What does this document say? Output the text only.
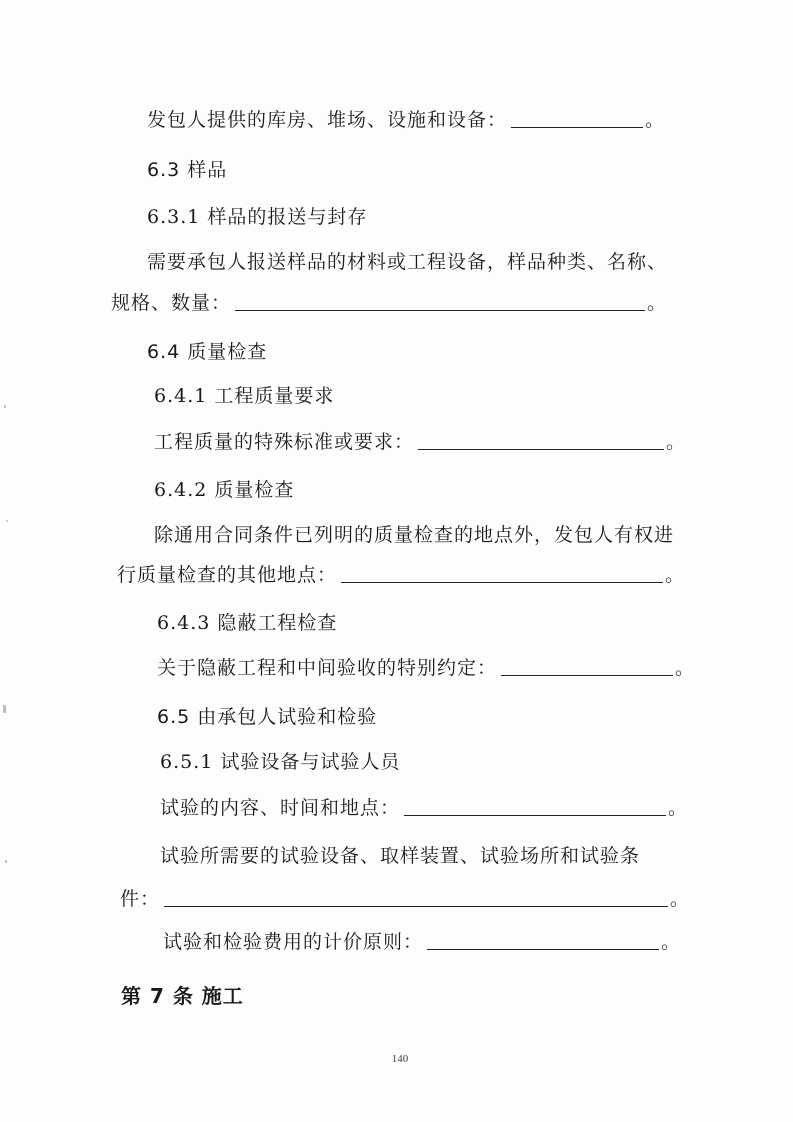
发包人提供的库房、堆场、设施和设备：	。
6.3 样品
6.3.1 样品的报送与封存
需要承包人报送样品的材料或工程设备，样品种类、名称、
规格、数量：	。
6.4 质量检查
6.4.1 工程质量要求
工程质量的特殊标准或要求：	。
6.4.2 质量检查
除通用合同条件已列明的质量检查的地点外，发包人有权进
行质量检查的其他地点：	。
6.4.3 隐蔽工程检查
关于隐蔽工程和中间验收的特别约定：	。
6.5 由承包人试验和检验
6.5.1 试验设备与试验人员
试验的内容、时间和地点：	。
试验所需要的试验设备、取样装置、试验场所和试验条
件：	。
试验和检验费用的计价原则：	。
第 7 条 施工
140
